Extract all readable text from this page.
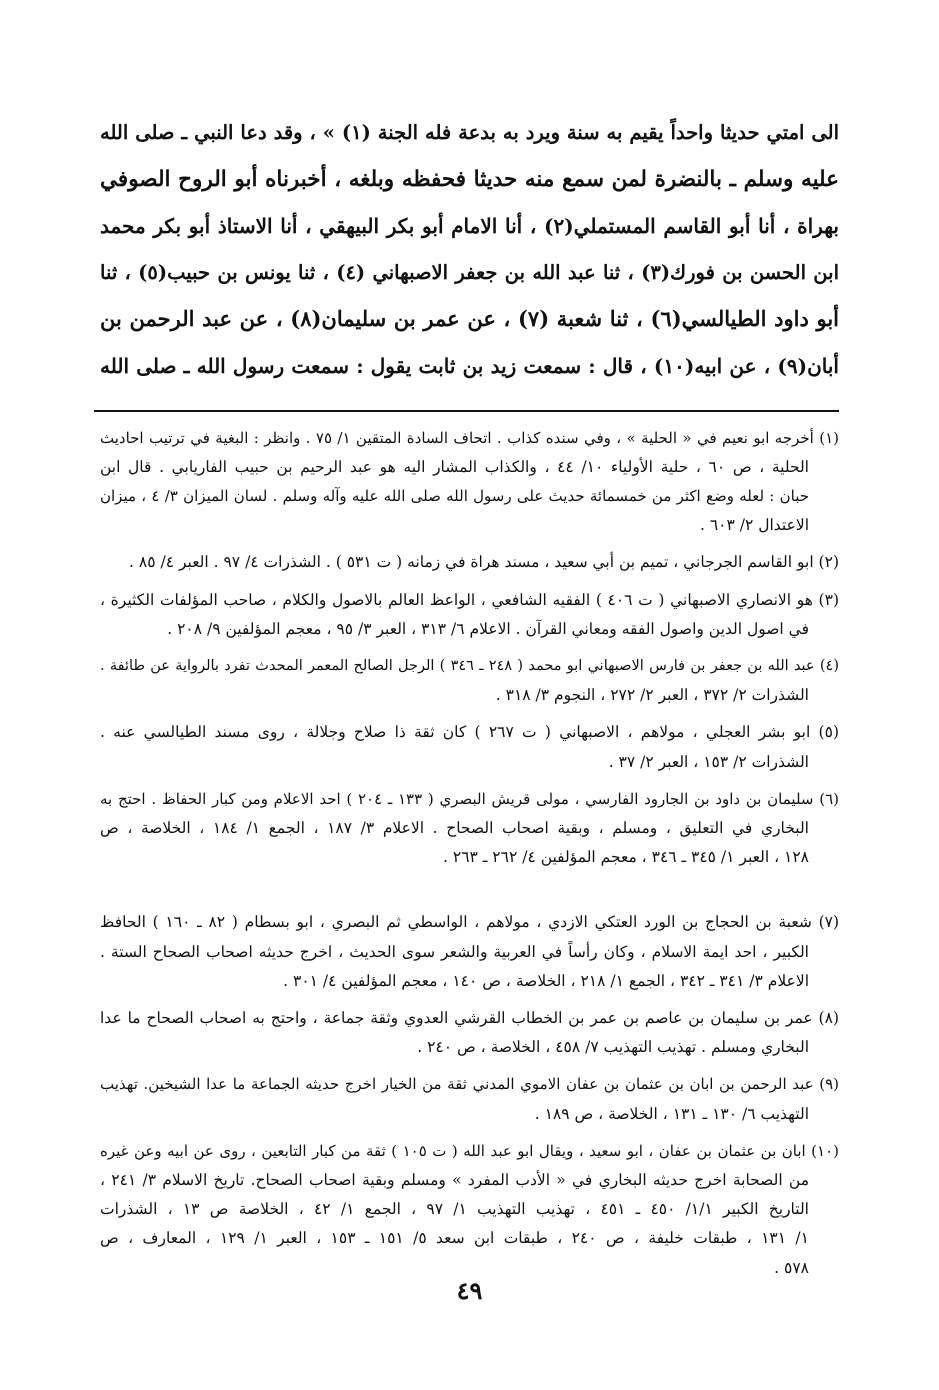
الى امتي حديثا واحداً يقيم به سنة ويرد به بدعة فله الجنة (١) » ، وقد دعا النبي ـ صلى الله
عليه وسلم ـ بالنضرة لمن سمع منه حديثا فحفظه وبلغه ، أخبرناه أبو الروح الصوفي
بهراة ، أنا أبو القاسم المستملي(٢) ، أنا الامام أبو بكر البيهقي ، أنا الاستاذ أبو بكر محمد
ابن الحسن بن فورك(٣) ، ثنا عبد الله بن جعفر الاصبهاني (٤) ، ثنا يونس بن حبيب(٥) ، ثنا
أبو داود الطيالسي(٦) ، ثنا شعبة (٧) ، عن عمر بن سليمان(٨) ، عن عبد الرحمن بن
أبان(٩) ، عن ابيه(١٠) ، قال : سمعت زيد بن ثابت يقول : سمعت رسول الله ـ صلى الله
(١) أخرجه ابو نعيم في « الحلية » ، وفي سنده كذاب . اتحاف السادة المتقين ١/ ٧٥ . وانظر : البغية في ترتيب احاديث
الحلية ، ص ٦٠ ، حلية الأولياء ١٠/ ٤٤ ، والكذاب المشار اليه هو عبد الرحيم بن حبيب الفاريابي . قال ابن
حبان : لعله وضع اكثر من خمسمائة حديث على رسول الله صلى الله عليه وآله وسلم . لسان الميزان ٣/ ٤ ، ميزان
الاعتدال ٢/ ٦٠٣ .
(٢) ابو القاسم الجرجاني ، تميم بن أبي سعيد ، مسند هراة في زمانه ( ت ٥٣١ ) . الشذرات ٤/ ٩٧ . العبر ٤/ ٨٥ .
(٣) هو الانصاري الاصبهاني ( ت ٤٠٦ ) الفقيه الشافعي ، الواعظ العالم بالاصول والكلام ، صاحب المؤلفات الكثيرة ،
في اصول الدين واصول الفقه ومعاني القرآن . الاعلام ٦/ ٣١٣ ، العبر ٣/ ٩٥ ، معجم المؤلفين ٩/ ٢٠٨ .
(٤) عبد الله بن جعفر بن فارس الاصبهاني ابو محمد ( ٢٤٨ ـ ٣٤٦ ) الرجل الصالح المعمر المحدث تفرد بالرواية عن طائفة .
الشذرات ٢/ ٣٧٢ ، العبر ٢/ ٢٧٢ ، النجوم ٣/ ٣١٨ .
(٥) ابو بشر العجلي ، مولاهم ، الاصبهاني ( ت ٢٦٧ ) كان ثقة ذا صلاح وجلالة ، روى مسند الطيالسي عنه .
الشذرات ٢/ ١٥٣ ، العبر ٢/ ٣٧ .
(٦) سليمان بن داود بن الجارود الفارسي ، مولى قريش البصري ( ١٣٣ ـ ٢٠٤ ) احد الاعلام ومن كبار الحفاظ . احتج به
البخاري في التعليق ، ومسلم ، وبقية اصحاب الصحاح . الاعلام ٣/ ١٨٧ ، الجمع ١/ ١٨٤ ، الخلاصة ، ص
١٢٨ ، العبر ١/ ٣٤٥ ـ ٣٤٦ ، معجم المؤلفين ٤/ ٢٦٢ ـ ٢٦٣ .
(٧) شعبة بن الحجاج بن الورد العتكي الازدي ، مولاهم ، الواسطي ثم البصري ، ابو بسطام ( ٨٢ ـ ١٦٠ ) الحافظ
الكبير ، احد ايمة الاسلام ، وكان رأساً في العربية والشعر سوى الحديث ، اخرج حديثه اصحاب الصحاح الستة .
الاعلام ٣/ ٣٤١ ـ ٣٤٢ ، الجمع ١/ ٢١٨ ، الخلاصة ، ص ١٤٠ ، معجم المؤلفين ٤/ ٣٠١ .
(٨) عمر بن سليمان بن عاصم بن عمر بن الخطاب القرشي العدوي وثقة جماعة ، واحتج به اصحاب الصحاح ما عدا
البخاري ومسلم . تهذيب التهذيب ٧/ ٤٥٨ ، الخلاصة ، ص ٢٤٠ .
(٩) عبد الرحمن بن ابان بن عثمان بن عفان الاموي المدني ثقة من الخيار اخرج حديثه الجماعة ما عدا الشيخين. تهذيب
التهذيب ٦/ ١٣٠ ـ ١٣١ ، الخلاصة ، ص ١٨٩ .
(١٠) ابان بن عثمان بن عفان ، ابو سعيد ، ويقال ابو عبد الله ( ت ١٠٥ ) ثقة من كبار التابعين ، روى عن ابيه وعن غيره
من الصحابة اخرج حديثه البخاري في « الأدب المفرد » ومسلم وبقية اصحاب الصحاح. تاريخ الاسلام ٣/ ٢٤١ ،
التاريخ الكبير ١/١/ ٤٥٠ ـ ٤٥١ ، تهذيب التهذيب ١/ ٩٧ ، الجمع ١/ ٤٢ ، الخلاصة ص ١٣ ، الشذرات
١/ ١٣١ ، طبقات خليفة ، ص ٢٤٠ ، طبقات ابن سعد ٥/ ١٥١ ـ ١٥٣ ، العبر ١/ ١٢٩ ، المعارف ، ص
٥٧٨ .
٤٩
